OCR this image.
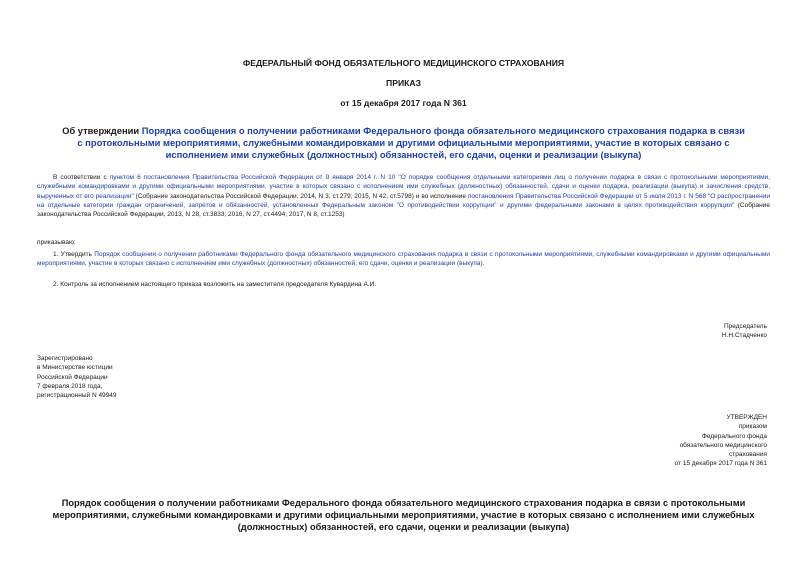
ФЕДЕРАЛЬНЫЙ ФОНД ОБЯЗАТЕЛЬНОГО МЕДИЦИНСКОГО СТРАХОВАНИЯ
ПРИКАЗ
от 15 декабря 2017 года N 361
Об утверждении Порядка сообщения о получении работниками Федерального фонда обязательного медицинского страхования подарка в связи с протокольными мероприятиями, служебными командировками и другими официальными мероприятиями, участие в которых связано с исполнением ими служебных (должностных) обязанностей, его сдачи, оценки и реализации (выкупа)
В соответствии с пунктом 6 постановления Правительства Российской Федерации от 9 января 2014 г. N 10 "О порядке сообщения отдельными категориями лиц о получении подарка в связи с протокольными мероприятиями, служебными командировками и другими официальными мероприятиями, участие в которых связано с исполнением ими служебных (должностных) обязанностей, сдачи и оценки подарка, реализации (выкупа) и зачисления средств, вырученных от его реализации" (Собрание законодательства Российской Федерации, 2014, N 3, ст.279; 2015, N 42, ст.5798) и во исполнение постановления Правительства Российской Федерации от 5 июля 2013 г. N 568 "О распространении на отдельные категории граждан ограничений, запретов и обязанностей, установленных Федеральным законом "О противодействии коррупции" и другими федеральными законами в целях противодействия коррупции" (Собрание законодательства Российской Федерации, 2013, N 28, ст.3833; 2016, N 27, ст.4494; 2017, N 8, ст.1253)
приказываю:
1. Утвердить Порядок сообщения о получении работниками Федерального фонда обязательного медицинского страхования подарка в связи с протокольными мероприятиями, служебными командировками и другими официальными мероприятиями, участие в которых связано с исполнением ими служебных (должностных) обязанностей, его сдачи, оценки и реализации (выкупа).
2. Контроль за исполнением настоящего приказа возложить на заместителя председателя Кувардина А.И.
Председатель
Н.Н.Стадченко
Зарегистрировано
в Министерстве юстиции
Российской Федерации
7 февраля 2018 года,
регистрационный N 49949
УТВЕРЖДЕН
приказом
Федерального фонда
обязательного медицинского
страхования
от 15 декабря 2017 года N 361
Порядок сообщения о получении работниками Федерального фонда обязательного медицинского страхования подарка в связи с протокольными мероприятиями, служебными командировками и другими официальными мероприятиями, участие в которых связано с исполнением ими служебных (должностных) обязанностей, его сдачи, оценки и реализации (выкупа)
